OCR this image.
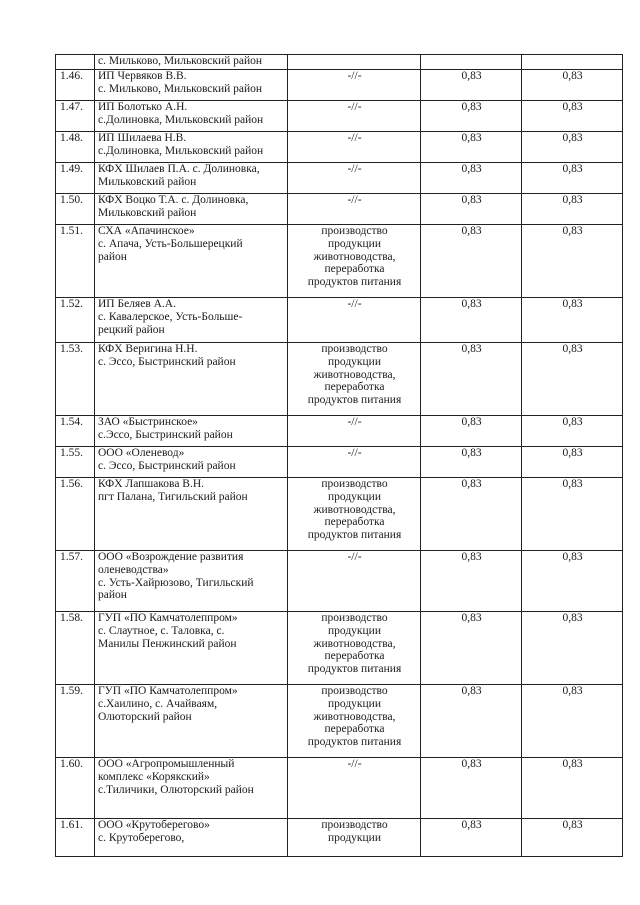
	с. Мильково, Мильковский район			
1.46.	ИП Червяков В.В.
с. Мильково, Мильковский район	-//-	0,83	0,83
1.47.	ИП Болотько А.Н.
с.Долиновка, Мильковский район	-//-	0,83	0,83
1.48.	ИП Шилаева Н.В.
с.Долиновка, Мильковский район	-//-	0,83	0,83
1.49.	КФХ Шилаев П.А. с. Долиновка,
Мильковский район	-//-	0,83	0,83
1.50.	КФХ Воцко Т.А. с. Долиновка,
Мильковский район	-//-	0,83	0,83
1.51.	СХА «Апачинское»
с. Апача, Усть-Большерецкий
район	производство
продукции
животноводства,
переработка
продуктов питания	0,83	0,83
1.52.	ИП Беляев А.А.
с. Кавалерское, Усть-Большe-
рецкий район	-//-	0,83	0,83
1.53.	КФХ Веригина Н.Н.
с. Эссо, Быстринский район	производство
продукции
животноводства,
переработка
продуктов питания	0,83	0,83
1.54.	ЗАО «Быстринское»
с.Эссо, Быстринский район	-//-	0,83	0,83
1.55.	ООО «Оленевод»
с. Эссо, Быстринский район	-//-	0,83	0,83
1.56.	КФХ Лапшакова В.Н.
пгт Палана, Тигильский район	производство
продукции
животноводства,
переработка
продуктов питания	0,83	0,83
1.57.	ООО «Возрождение развития
оленеводства»
с. Усть-Хайрюзово, Тигильский
район	-//-	0,83	0,83
1.58.	ГУП «ПО Камчатолеппром»
с. Слаутное, с. Таловка, с.
Манилы Пенжинский район	производство
продукции
животноводства,
переработка
продуктов питания	0,83	0,83
1.59.	ГУП «ПО Камчатолеппром»
с.Хаилино, с. Ачайваям,
Олюторский район	производство
продукции
животноводства,
переработка
продуктов питания	0,83	0,83
1.60.	ООО «Агропромышленный
комплекс «Корякский»
с.Тиличики, Олюторский район	-//-	0,83	0,83
1.61.	ООО «Крутоберегово»
с. Крутоберегово,	производство
продукции	0,83	0,83
